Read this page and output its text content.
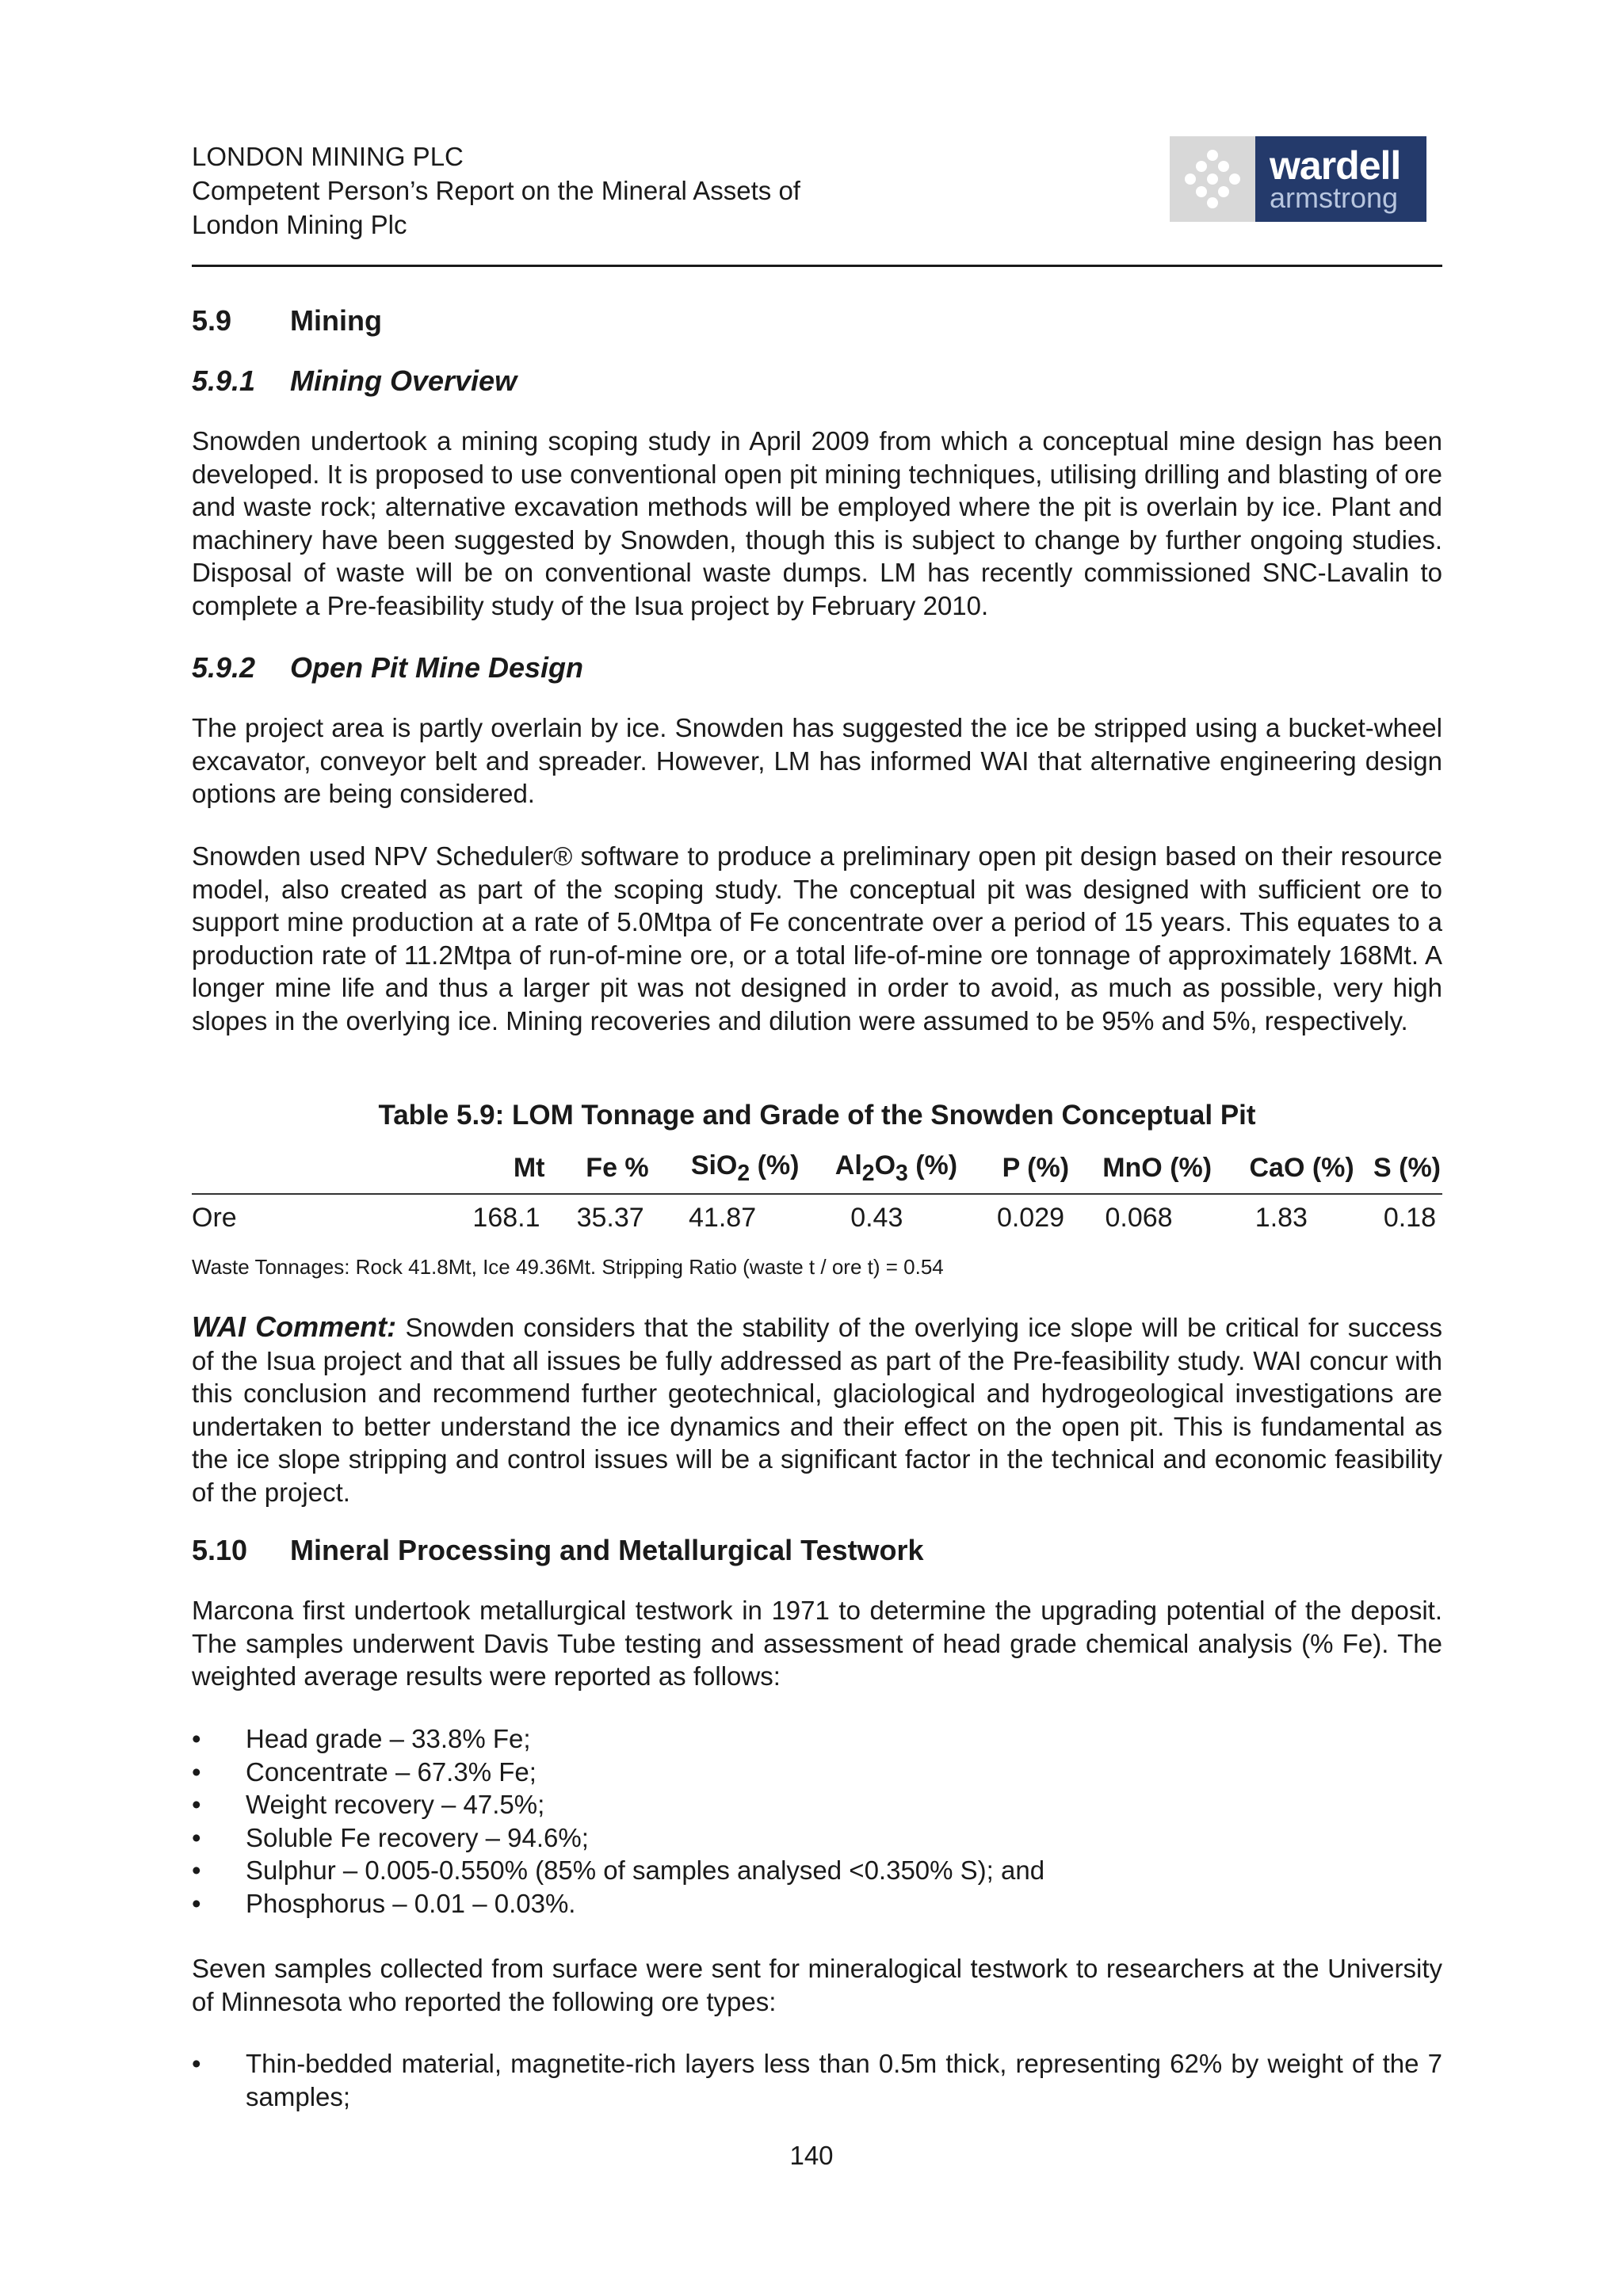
LONDON MINING PLC
Competent Person’s Report on the Mineral Assets of
London Mining Plc
wardell
armstrong
5.9 Mining
5.9.1 Mining Overview

Snowden undertook a mining scoping study in April 2009 from which a conceptual mine design has been developed. It is proposed to use conventional open pit mining techniques, utilising drilling and blasting of ore and waste rock; alternative excavation methods will be employed where the pit is overlain by ice. Plant and machinery have been suggested by Snowden, though this is subject to change by further ongoing studies. Disposal of waste will be on conventional waste dumps. LM has recently commissioned SNC-Lavalin to complete a Pre-feasibility study of the Isua project by February 2010.

5.9.2 Open Pit Mine Design

The project area is partly overlain by ice. Snowden has suggested the ice be stripped using a bucket-wheel excavator, conveyor belt and spreader. However, LM has informed WAI that alternative engineering design options are being considered.

Snowden used NPV Scheduler® software to produce a preliminary open pit design based on their resource model, also created as part of the scoping study. The conceptual pit was designed with sufficient ore to support mine production at a rate of 5.0Mtpa of Fe concentrate over a period of 15 years. This equates to a production rate of 11.2Mtpa of run-of-mine ore, or a total life-of-mine ore tonnage of approximately 168Mt. A longer mine life and thus a larger pit was not designed in order to avoid, as much as possible, very high slopes in the overlying ice. Mining recoveries and dilution were assumed to be 95% and 5%, respectively.

Table 5.9: LOM Tonnage and Grade of the Snowden Conceptual Pit
	Mt	Fe %	SiO$_2$ (%)	$Al_2O_3$ (%)	P (%)	MnO (%)	CaO (%)	S (%)
Ore	168.1	35.37	41.87	0.43	0.029	0.068	1.83	0.18
Waste Tonnages: Rock 41.8Mt, Ice 49.36Mt. Stripping Ratio (waste t / ore t) = 0.54

WAI Comment: Snowden considers that the stability of the overlying ice slope will be critical for success of the Isua project and that all issues be fully addressed as part of the Pre-feasibility study. WAI concur with this conclusion and recommend further geotechnical, glaciological and hydrogeological investigations are undertaken to better understand the ice dynamics and their effect on the open pit. This is fundamental as the ice slope stripping and control issues will be a significant factor in the technical and economic feasibility of the project.

5.10 Mineral Processing and Metallurgical Testwork

Marcona first undertook metallurgical testwork in 1971 to determine the upgrading potential of the deposit. The samples underwent Davis Tube testing and assessment of head grade chemical analysis (% Fe). The weighted average results were reported as follows:

• Head grade – 33.8% Fe;
• Concentrate – 67.3% Fe;
• Weight recovery – 47.5%;
• Soluble Fe recovery – 94.6%;
• Sulphur – 0.005-0.550% (85% of samples analysed <0.350% S); and
• Phosphorus – 0.01 – 0.03%.

Seven samples collected from surface were sent for mineralogical testwork to researchers at the University of Minnesota who reported the following ore types:

• Thin-bedded material, magnetite-rich layers less than 0.5m thick, representing 62% by weight of the 7 samples;
140
